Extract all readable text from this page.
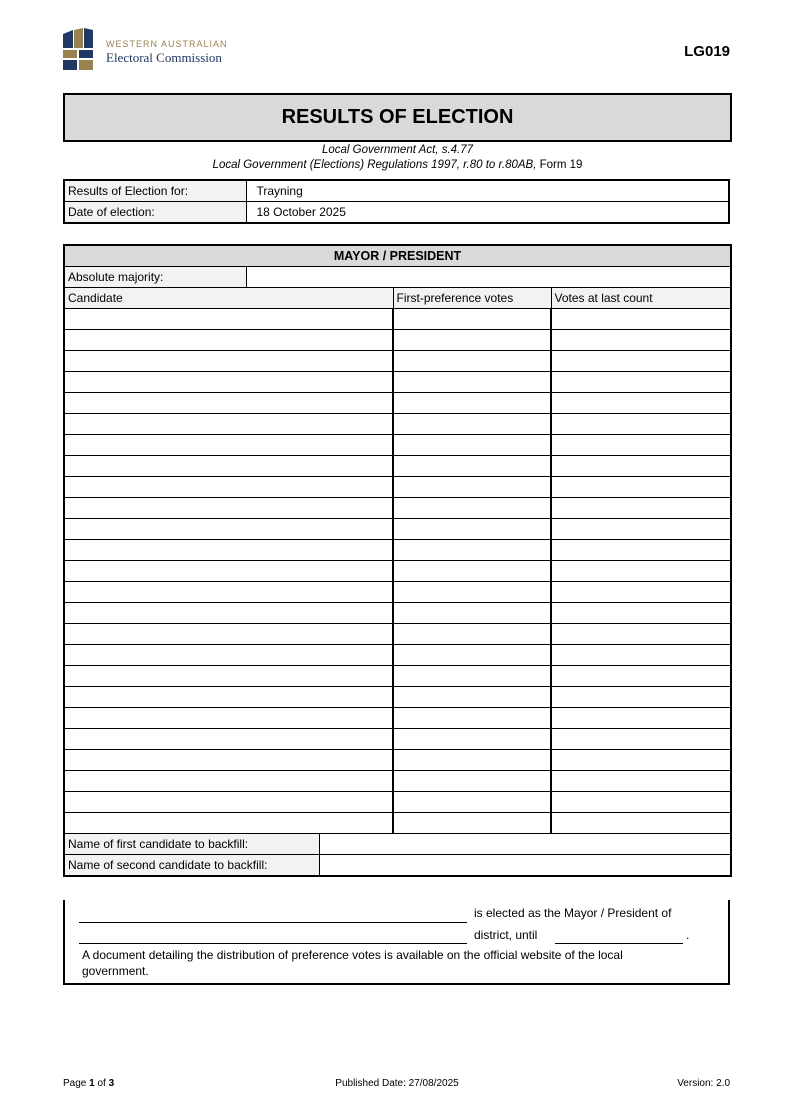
WESTERN AUSTRALIAN
Electoral Commission	LG019
RESULTS OF ELECTION
Local Government Act, s.4.77
Local Government (Elections) Regulations 1997, r.80 to r.80AB, Form 19
Results of Election for:	Trayning
Date of election:	18 October 2025
MAYOR / PRESIDENT				
Absolute majority:				
Candidate			First-preference votes	Votes at last count

Name of first candidate to backfill:				
Name of second candidate to backfill:				
is elected as the Mayor / President of
district, until	.
A document detailing the distribution of preference votes is available on the official website of the local
government.
Page 1 of 3	Published Date: 27/08/2025	Version: 2.0
